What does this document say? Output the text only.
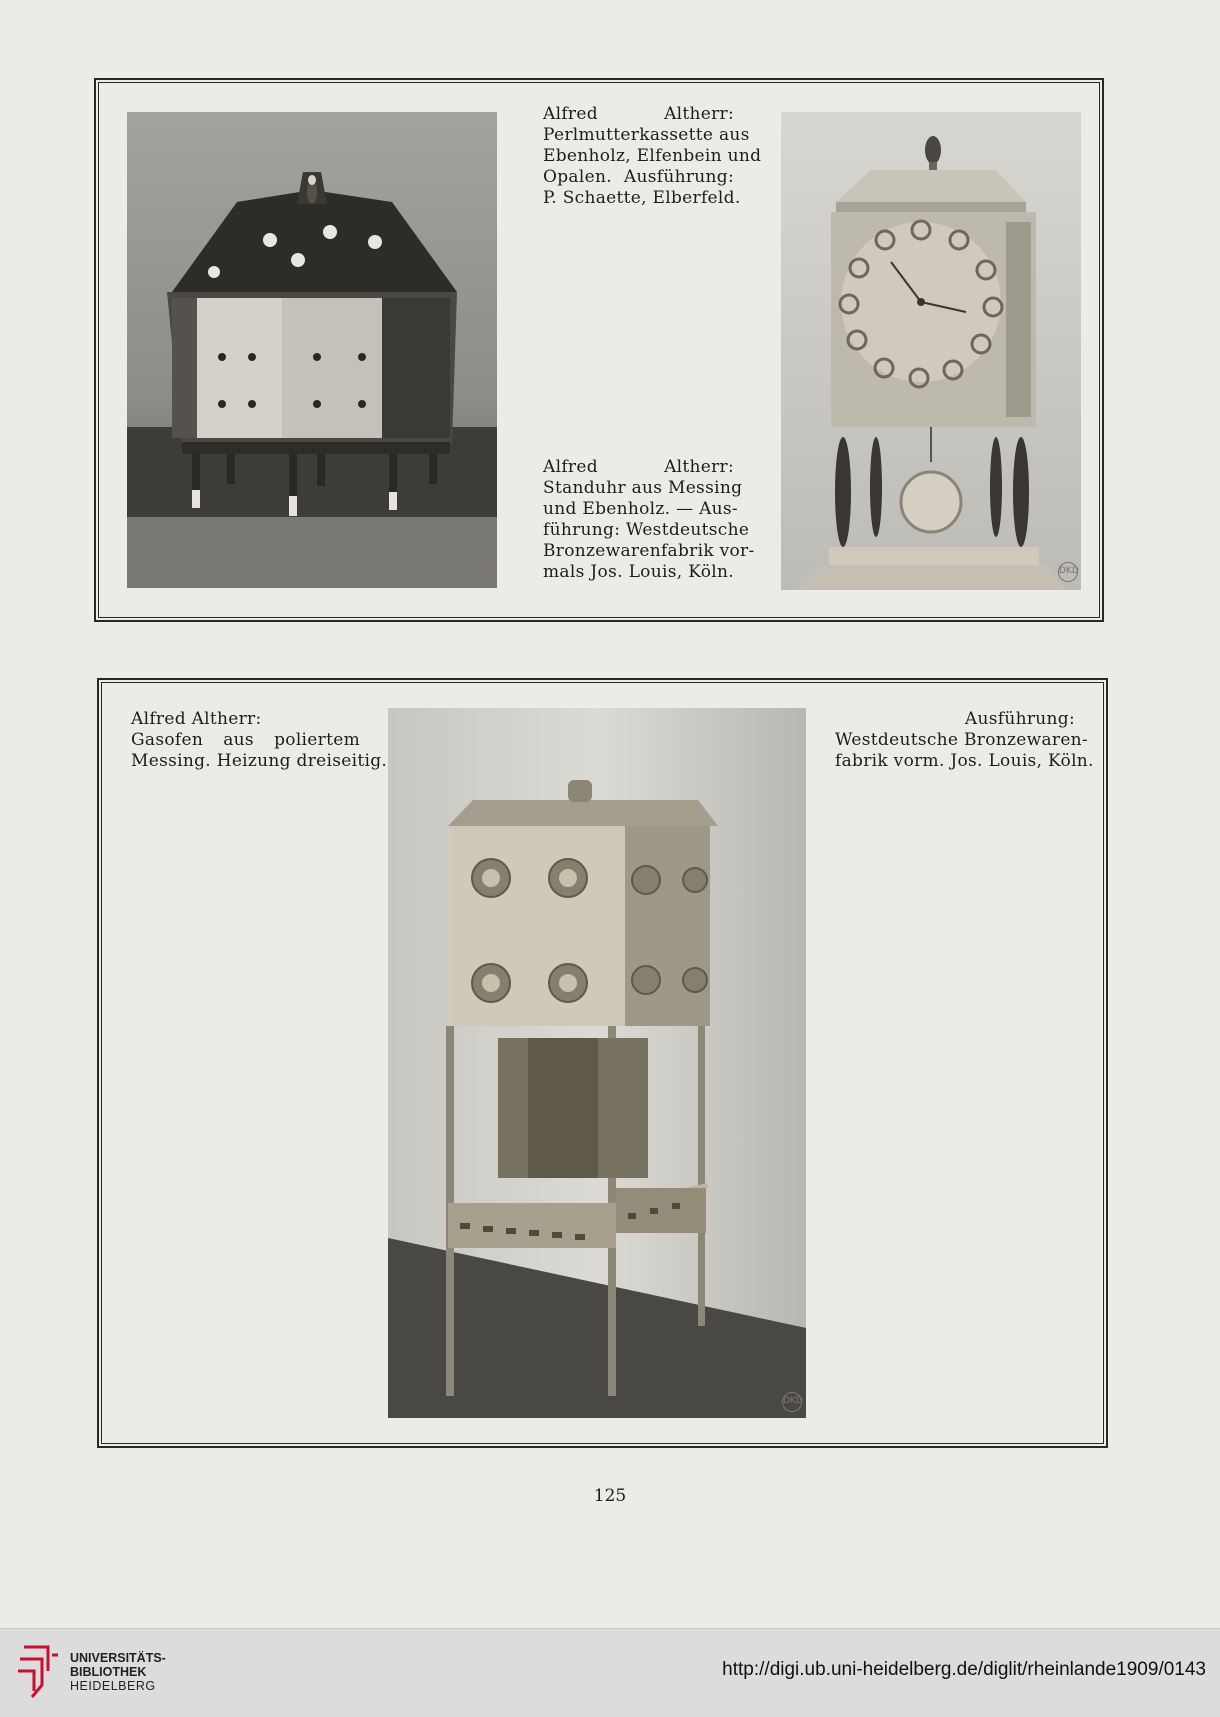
DKD
Alfred Altherr:
Perlmutterkassette aus
Ebenholz, Elfenbein und
Opalen. Ausführung:
P. Schaette, Elberfeld.
Alfred Altherr:
Standuhr aus Messing
und Ebenholz. — Aus-
führung: Westdeutsche
Bronzewarenfabrik vor-
mals Jos. Louis, Köln.	DKD
Alfred Altherr:
Gasofen aus poliertem
Messing. Heizung dreiseitig.
Ausführung:
Westdeutsche Bronzewaren-
fabrik vorm. Jos. Louis, Köln.
DKD
125
UNIVERSITÄTS-
BIBLIOTHEK
HEIDELBERG
http://digi.ub.uni-heidelberg.de/diglit/rheinlande1909/0143
